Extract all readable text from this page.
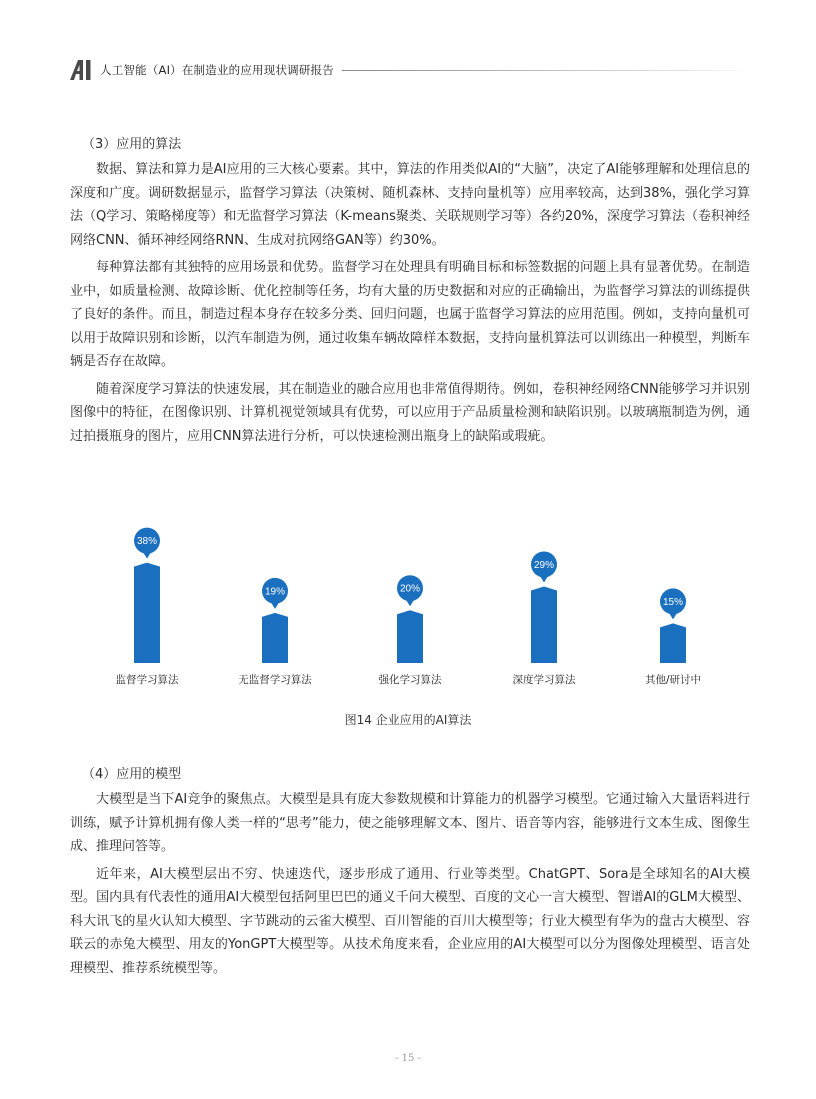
人工智能（AI）在制造业的应用现状调研报告
（3）应用的算法

数据、算法和算力是AI应用的三大核心要素。其中，算法的作用类似AI的“大脑”，决定了AI能够理解和处理信息的深度和广度。调研数据显示，监督学习算法（决策树、随机森林、支持向量机等）应用率较高，达到38%，强化学习算法（Q学习、策略梯度等）和无监督学习算法（K-means聚类、关联规则学习等）各约20%，深度学习算法（卷积神经网络CNN、循环神经网络RNN、生成对抗网络GAN等）约30%。

每种算法都有其独特的应用场景和优势。监督学习在处理具有明确目标和标签数据的问题上具有显著优势。在制造业中，如质量检测、故障诊断、优化控制等任务，均有大量的历史数据和对应的正确输出，为监督学习算法的训练提供了良好的条件。而且，制造过程本身存在较多分类、回归问题，也属于监督学习算法的应用范围。例如，支持向量机可以用于故障识别和诊断，以汽车制造为例，通过收集车辆故障样本数据，支持向量机算法可以训练出一种模型，判断车辆是否存在故障。

随着深度学习算法的快速发展，其在制造业的融合应用也非常值得期待。例如，卷积神经网络CNN能够学习并识别图像中的特征，在图像识别、计算机视觉领域具有优势，可以应用于产品质量检测和缺陷识别。以玻璃瓶制造为例，通过拍摄瓶身的图片，应用CNN算法进行分析，可以快速检测出瓶身上的缺陷或瑕疵。

38%
监督学习算法
19%
无监督学习算法
20%
强化学习算法
29%
深度学习算法
15%
其他/研讨中
图14 企业应用的AI算法
（4）应用的模型

大模型是当下AI竞争的聚焦点。大模型是具有庞大参数规模和计算能力的机器学习模型。它通过输入大量语料进行训练，赋予计算机拥有像人类一样的“思考”能力，使之能够理解文本、图片、语音等内容，能够进行文本生成、图像生成、推理问答等。

近年来，AI大模型层出不穷、快速迭代，逐步形成了通用、行业等类型。ChatGPT、Sora是全球知名的AI大模型。国内具有代表性的通用AI大模型包括阿里巴巴的通义千问大模型、百度的文心一言大模型、智谱AI的GLM大模型、科大讯飞的星火认知大模型、字节跳动的云雀大模型、百川智能的百川大模型等；行业大模型有华为的盘古大模型、容联云的赤兔大模型、用友的YonGPT大模型等。从技术角度来看，企业应用的AI大模型可以分为图像处理模型、语言处理模型、推荐系统模型等。

- 15 -
